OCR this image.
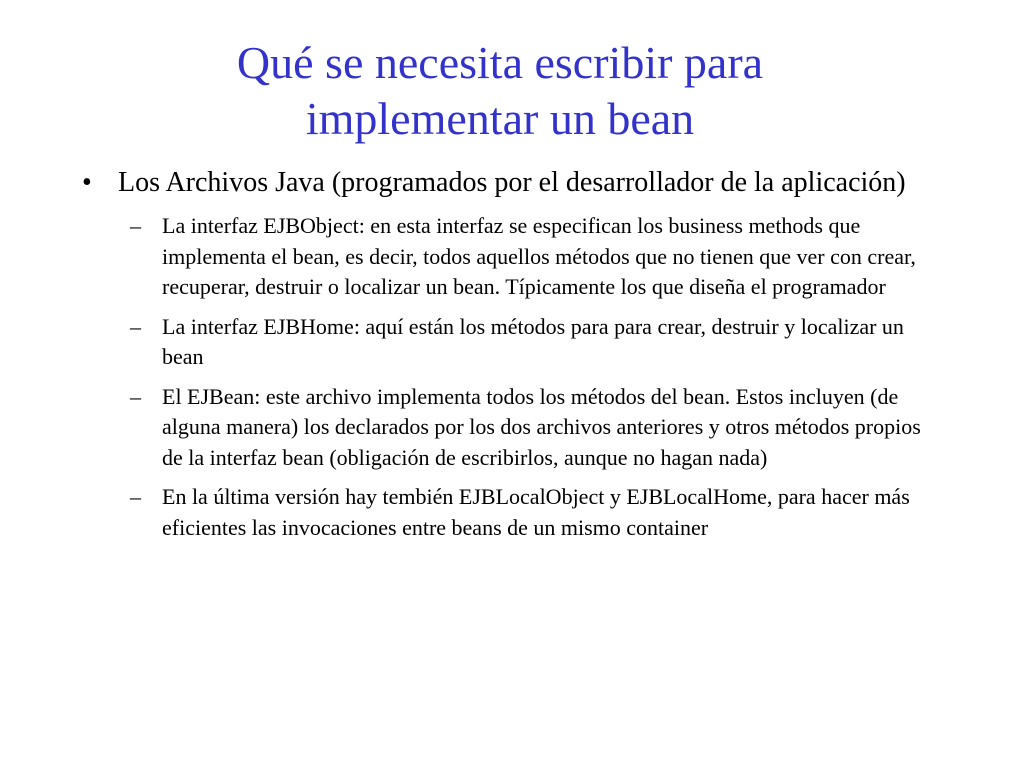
Qué se necesita escribir para
implementar un bean
• Los Archivos Java (programados por el desarrollador de la aplicación)
– La interfaz EJBObject: en esta interfaz se especifican los business methods que implementa el bean, es decir, todos aquellos métodos que no tienen que ver con crear, recuperar, destruir o localizar un bean. Típicamente los que diseña el programador
– La interfaz EJBHome: aquí están los métodos para para crear, destruir y localizar un bean
– El EJBean: este archivo implementa todos los métodos del bean. Estos incluyen (de alguna manera) los declarados por los dos archivos anteriores y otros métodos propios de la interfaz bean (obligación de escribirlos, aunque no hagan nada)
– En la última versión hay tembién EJBLocalObject y EJBLocalHome, para hacer más eficientes las invocaciones entre beans de un mismo container
